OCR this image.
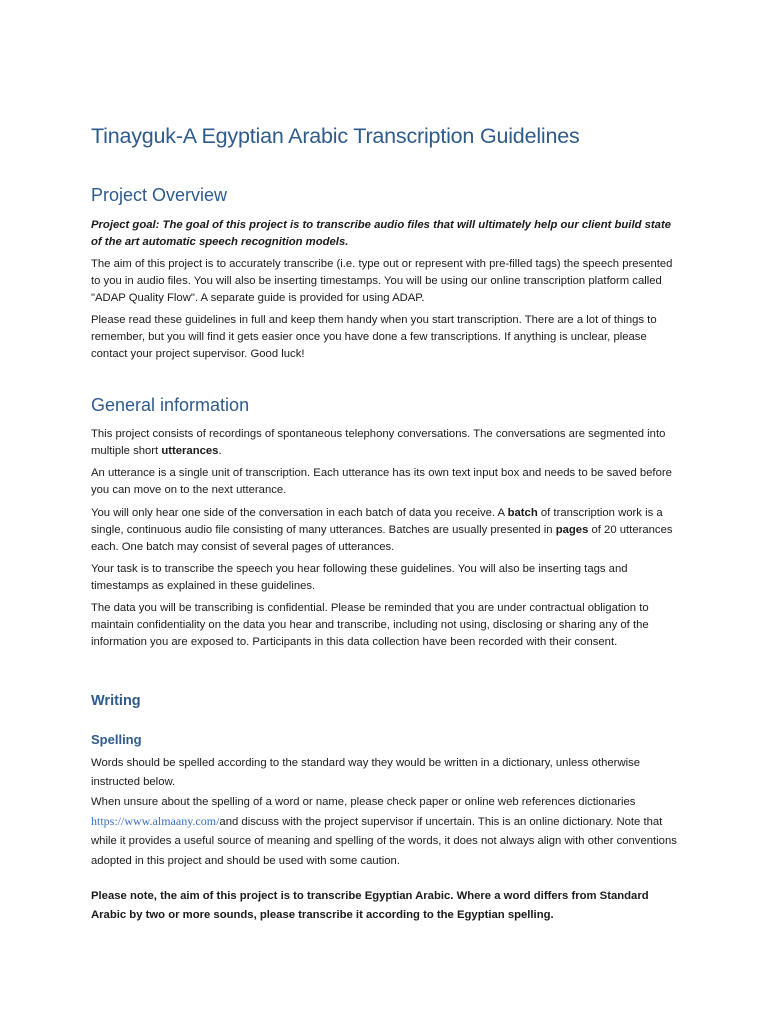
Tinayguk-A Egyptian Arabic Transcription Guidelines
Project Overview

Project goal: The goal of this project is to transcribe audio files that will ultimately help our client build state of the art automatic speech recognition models.

The aim of this project is to accurately transcribe (i.e. type out or represent with pre-filled tags) the speech presented to you in audio files. You will also be inserting timestamps. You will be using our online transcription platform called "ADAP Quality Flow". A separate guide is provided for using ADAP.

Please read these guidelines in full and keep them handy when you start transcription. There are a lot of things to remember, but you will find it gets easier once you have done a few transcriptions. If anything is unclear, please contact your project supervisor. Good luck!

General information

This project consists of recordings of spontaneous telephony conversations. The conversations are segmented into multiple short utterances.

An utterance is a single unit of transcription. Each utterance has its own text input box and needs to be saved before you can move on to the next utterance.

You will only hear one side of the conversation in each batch of data you receive. A batch of transcription work is a single, continuous audio file consisting of many utterances. Batches are usually presented in pages of 20 utterances each. One batch may consist of several pages of utterances.

Your task is to transcribe the speech you hear following these guidelines. You will also be inserting tags and timestamps as explained in these guidelines.

The data you will be transcribing is confidential. Please be reminded that you are under contractual obligation to maintain confidentiality on the data you hear and transcribe, including not using, disclosing or sharing any of the information you are exposed to. Participants in this data collection have been recorded with their consent.

Writing
Spelling

Words should be spelled according to the standard way they would be written in a dictionary, unless otherwise instructed below.

When unsure about the spelling of a word or name, please check paper or online web references dictionaries https://www.almaany.com/and discuss with the project supervisor if uncertain. This is an online dictionary. Note that while it provides a useful source of meaning and spelling of the words, it does not always align with other conventions adopted in this project and should be used with some caution.

Please note, the aim of this project is to transcribe Egyptian Arabic. Where a word differs from Standard Arabic by two or more sounds, please transcribe it according to the Egyptian spelling.
